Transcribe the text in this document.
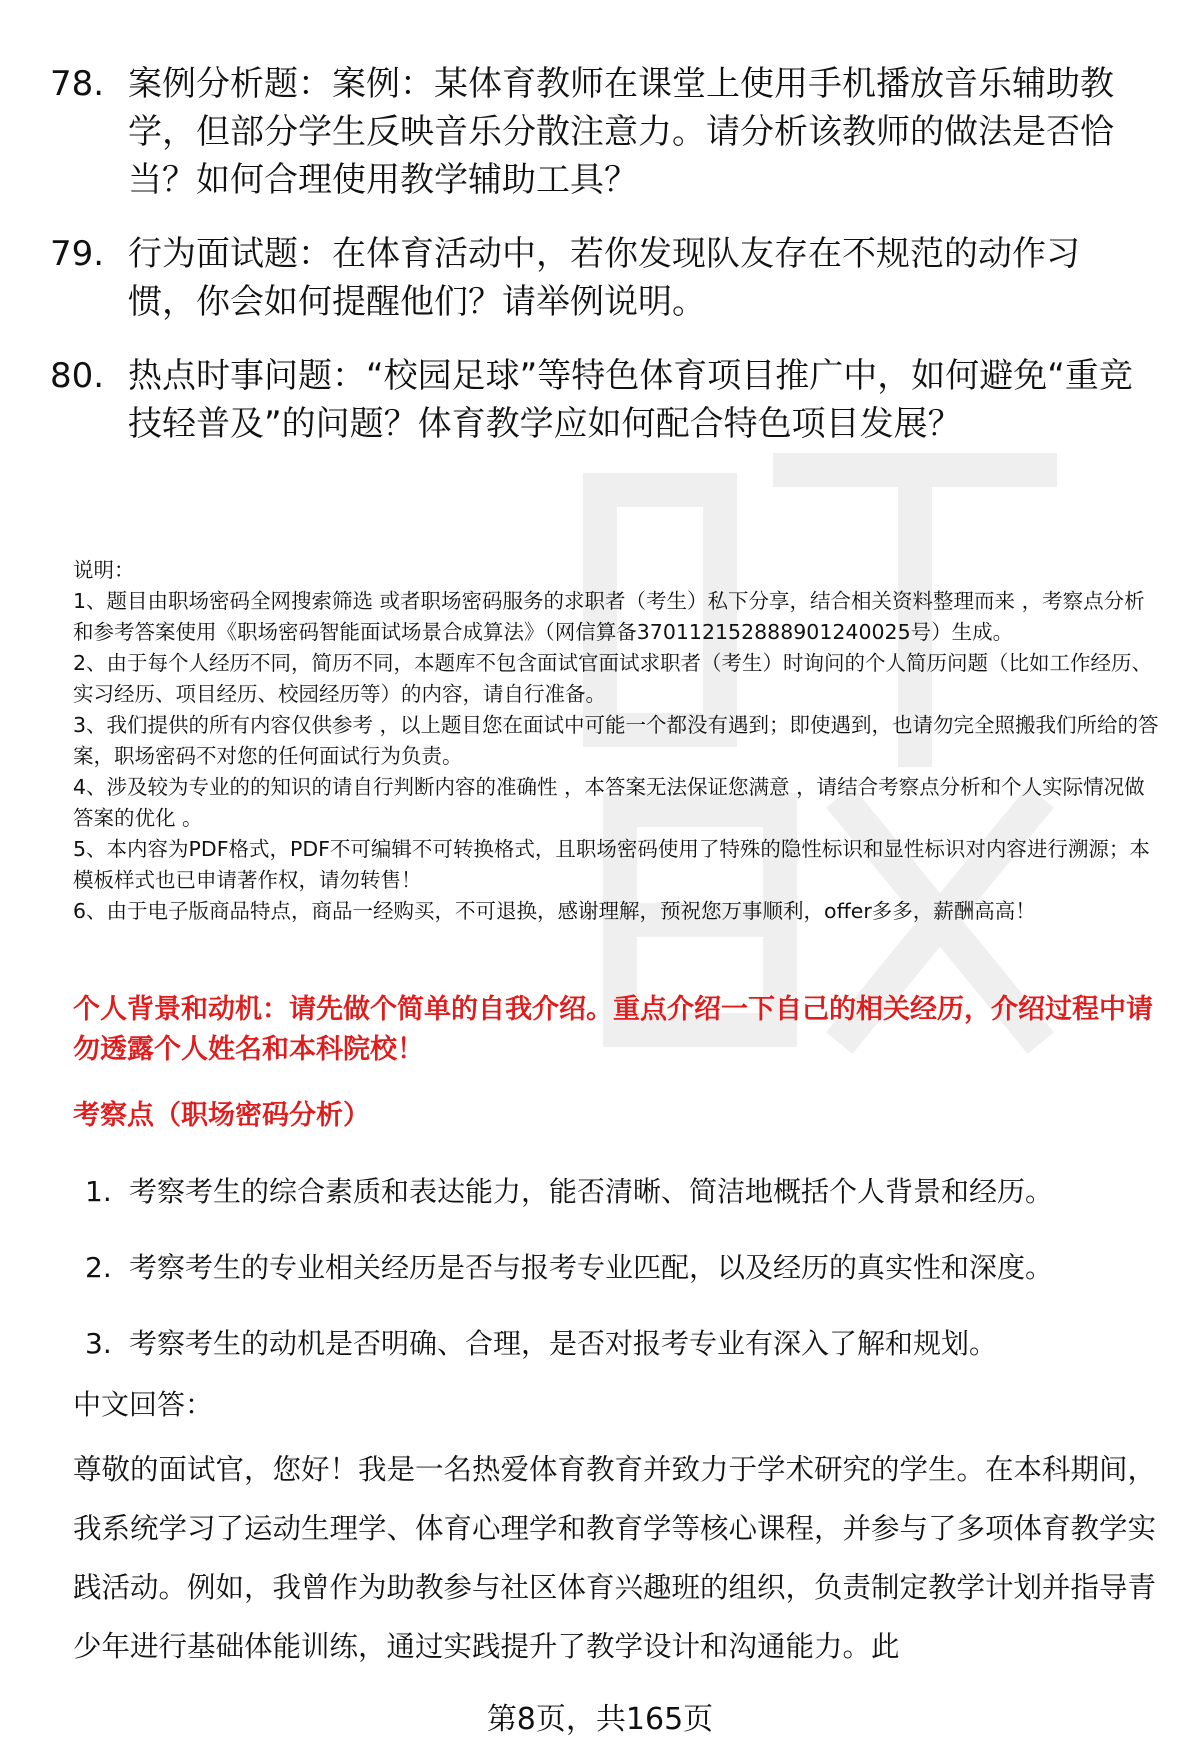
78. 案例分析题：案例：某体育教师在课堂上使用手机播放音乐辅助教学，但部分学生反映音乐分散注意力。请分析该教师的做法是否恰当？如何合理使用教学辅助工具？
79. 行为面试题：在体育活动中，若你发现队友存在不规范的动作习惯，你会如何提醒他们？请举例说明。
80. 热点时事问题：“校园足球”等特色体育项目推广中，如何避免“重竞技轻普及”的问题？体育教学应如何配合特色项目发展？

说明：

1、题目由职场密码全网搜索筛选 或者职场密码服务的求职者（考生）私下分享，结合相关资料整理而来 ，考察点分析和参考答案使用《职场密码智能面试场景合成算法》（网信算备370112152888901240025号）生成。

2、由于每个人经历不同，简历不同，本题库不包含面试官面试求职者（考生）时询问的个人简历问题（比如工作经历、实习经历、项目经历、校园经历等）的内容，请自行准备。

3、我们提供的所有内容仅供参考 ，以上题目您在面试中可能一个都没有遇到；即使遇到，也请勿完全照搬我们所给的答案，职场密码不对您的任何面试行为负责。

4、涉及较为专业的的知识的请自行判断内容的准确性 ，本答案无法保证您满意 ，请结合考察点分析和个人实际情况做答案的优化 。

5、本内容为PDF格式，PDF不可编辑不可转换格式，且职场密码使用了特殊的隐性标识和显性标识对内容进行溯源；本模板样式也已申请著作权，请勿转售！

6、由于电子版商品特点，商品一经购买，不可退换，感谢理解，预祝您万事顺利，offer多多，薪酬高高！

个人背景和动机：请先做个简单的自我介绍。重点介绍一下自己的相关经历，介绍过程中请勿透露个人姓名和本科院校！

考察点（职场密码分析）

1. 考察考生的综合素质和表达能力，能否清晰、简洁地概括个人背景和经历。
2. 考察考生的专业相关经历是否与报考专业匹配，以及经历的真实性和深度。
3. 考察考生的动机是否明确、合理，是否对报考专业有深入了解和规划。

中文回答：

尊敬的面试官，您好！我是一名热爱体育教育并致力于学术研究的学生。在本科期间，我系统学习了运动生理学、体育心理学和教育学等核心课程，并参与了多项体育教学实践活动。例如，我曾作为助教参与社区体育兴趣班的组织，负责制定教学计划并指导青少年进行基础体能训练，通过实践提升了教学设计和沟通能力。此

第8页，共165页
